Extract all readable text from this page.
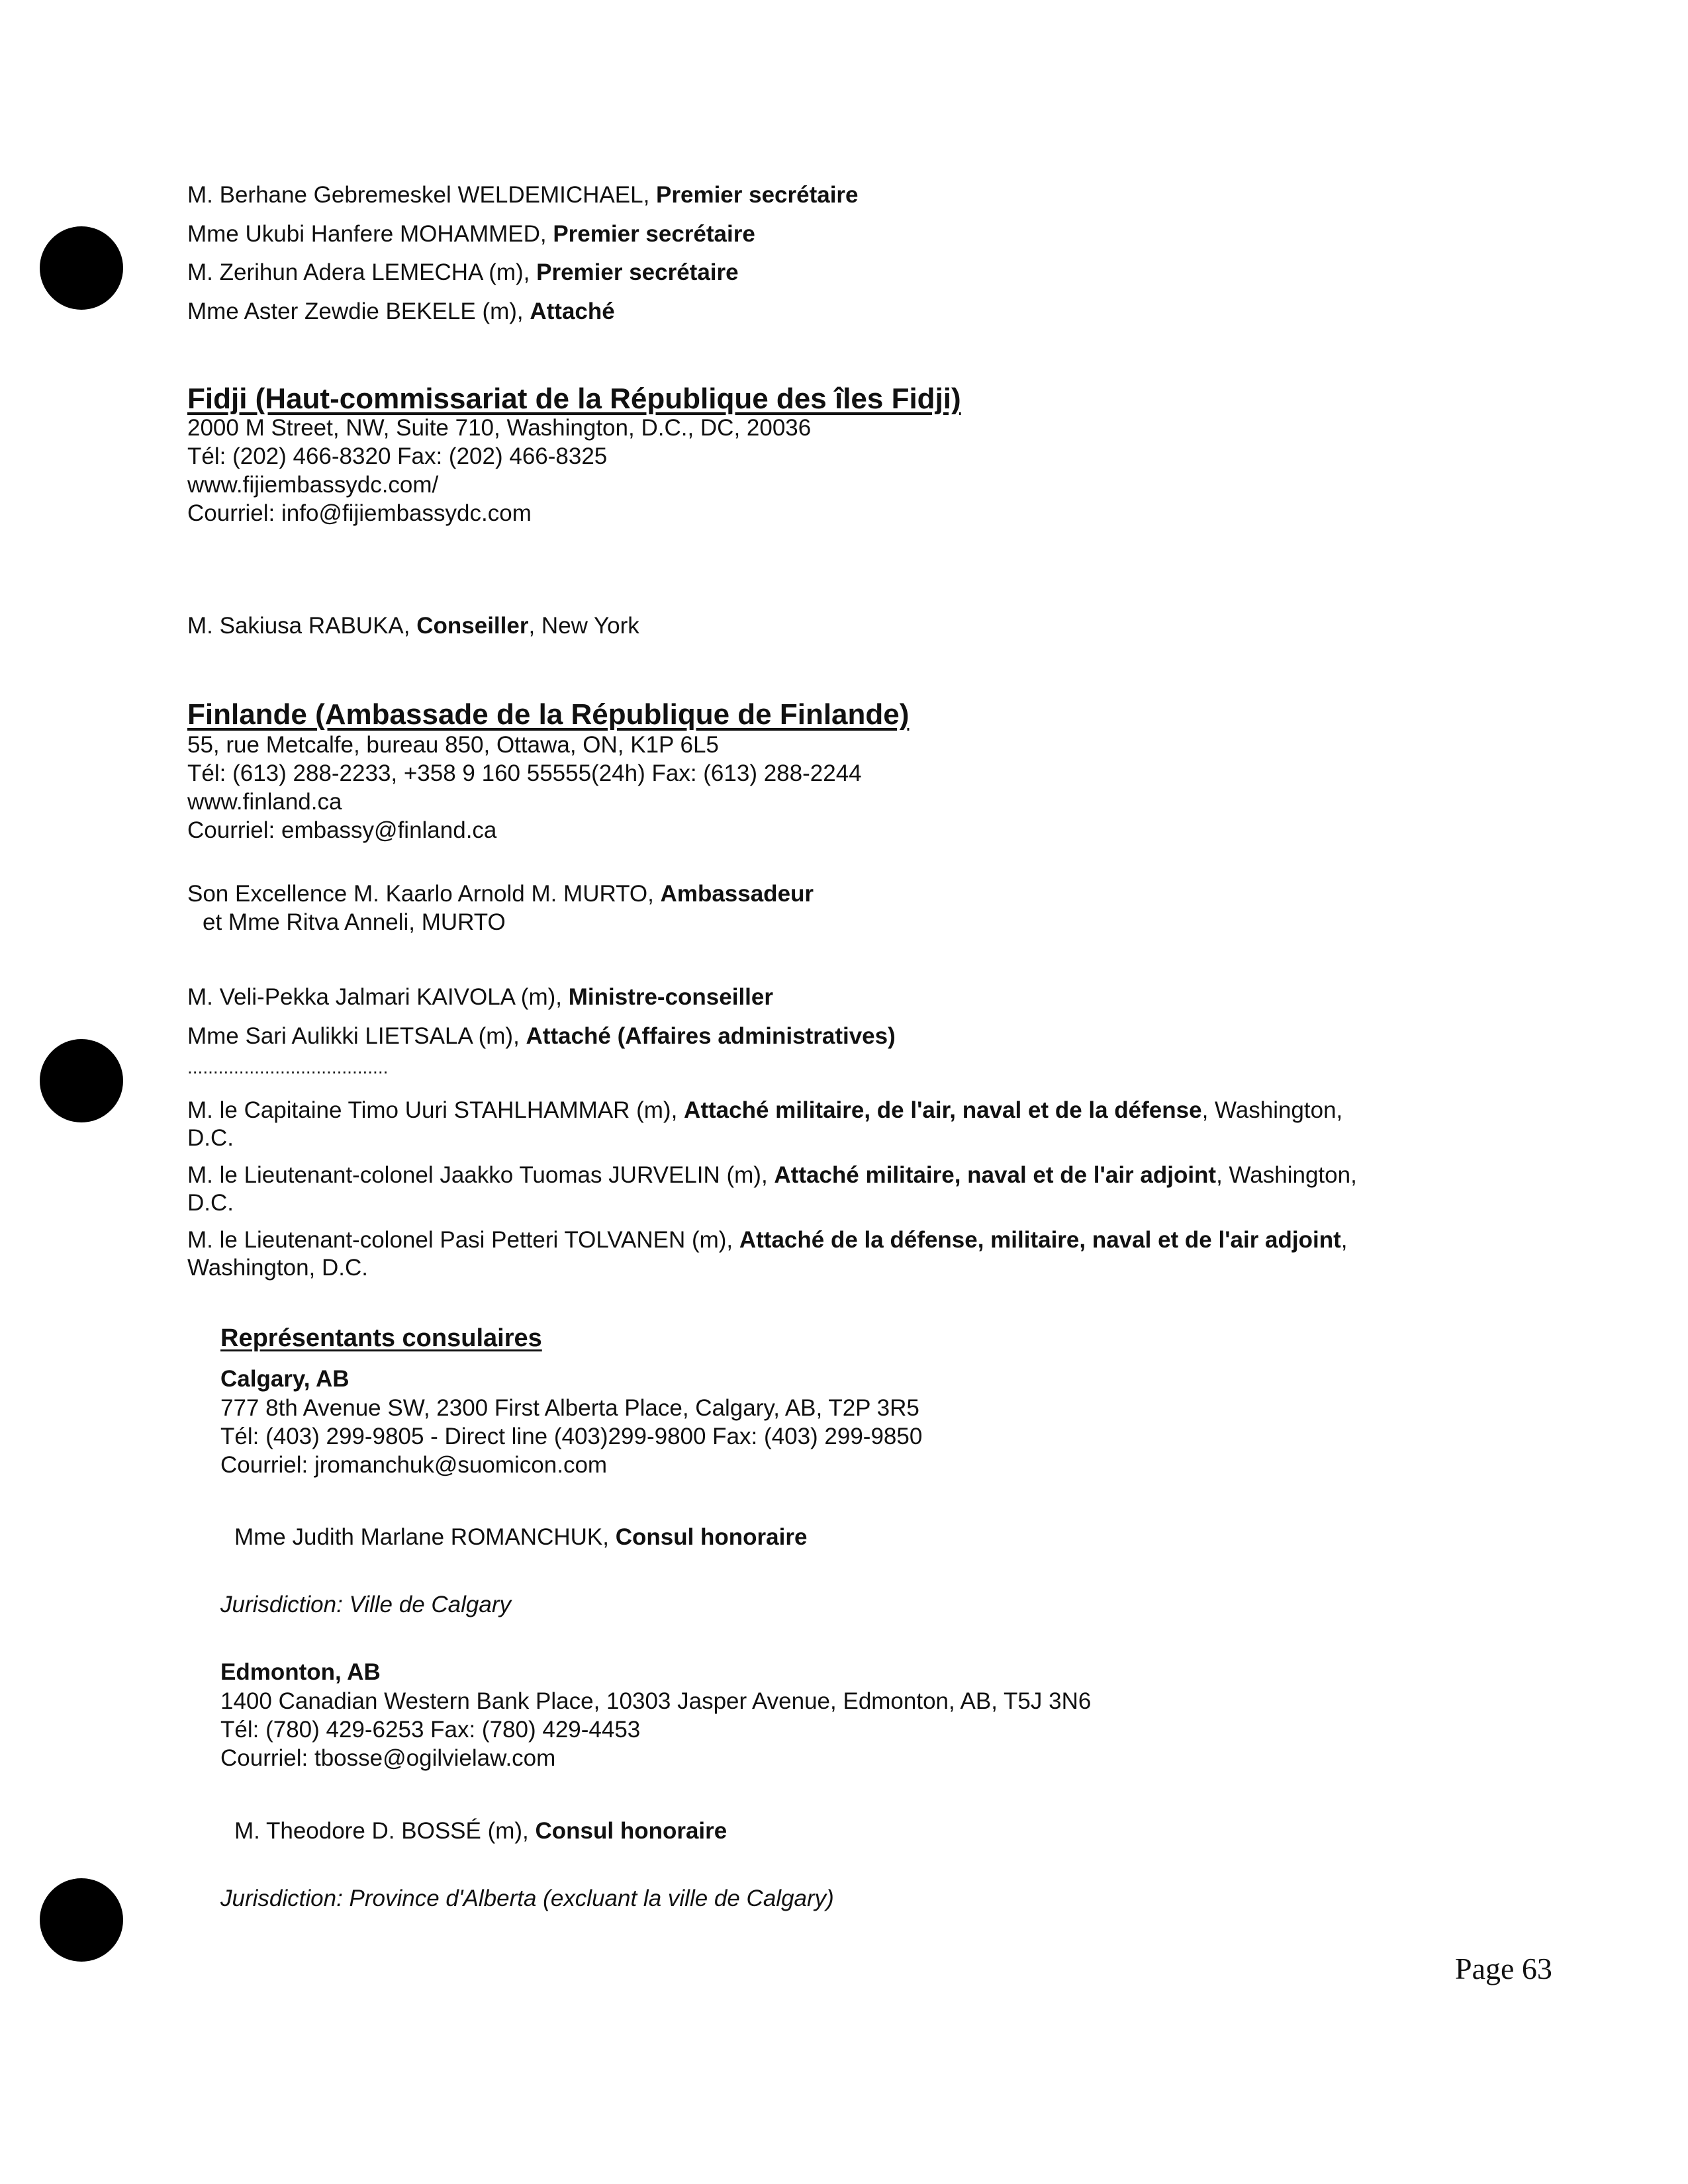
M. Berhane Gebremeskel WELDEMICHAEL, Premier secrétaire
Mme Ukubi Hanfere MOHAMMED, Premier secrétaire
M. Zerihun Adera LEMECHA (m), Premier secrétaire
Mme Aster Zewdie BEKELE (m), Attaché
Fidji (Haut-commissariat de la République des îles Fidji)
2000 M Street, NW, Suite 710, Washington, D.C., DC, 20036
Tél: (202) 466-8320 Fax: (202) 466-8325
www.fijiembassydc.com/
Courriel: info@fijiembassydc.com
M. Sakiusa RABUKA, Conseiller, New York
Finlande (Ambassade de la République de Finlande)
55, rue Metcalfe, bureau 850, Ottawa, ON, K1P 6L5
Tél: (613) 288-2233, +358 9 160 55555(24h) Fax: (613) 288-2244
www.finland.ca
Courriel: embassy@finland.ca
Son Excellence M. Kaarlo Arnold M. MURTO, Ambassadeur
et Mme Ritva Anneli, MURTO
M. Veli-Pekka Jalmari KAIVOLA (m), Ministre-conseiller
Mme Sari Aulikki LIETSALA (m), Attaché (Affaires administratives)
.......................................
M. le Capitaine Timo Uuri STAHLHAMMAR (m), Attaché militaire, de l'air, naval et de la défense, Washington,
D.C.
M. le Lieutenant-colonel Jaakko Tuomas JURVELIN (m), Attaché militaire, naval et de l'air adjoint, Washington,
D.C.
M. le Lieutenant-colonel Pasi Petteri TOLVANEN (m), Attaché de la défense, militaire, naval et de l'air adjoint,
Washington, D.C.
Représentants consulaires
Calgary, AB
777 8th Avenue SW, 2300 First Alberta Place, Calgary, AB, T2P 3R5
Tél: (403) 299-9805 - Direct line (403)299-9800 Fax: (403) 299-9850
Courriel: jromanchuk@suomicon.com
Mme Judith Marlane ROMANCHUK, Consul honoraire
Jurisdiction: Ville de Calgary
Edmonton, AB
1400 Canadian Western Bank Place, 10303 Jasper Avenue, Edmonton, AB, T5J 3N6
Tél: (780) 429-6253 Fax: (780) 429-4453
Courriel: tbosse@ogilvielaw.com
M. Theodore D. BOSSÉ (m), Consul honoraire
Jurisdiction: Province d'Alberta (excluant la ville de Calgary)
Page 63
